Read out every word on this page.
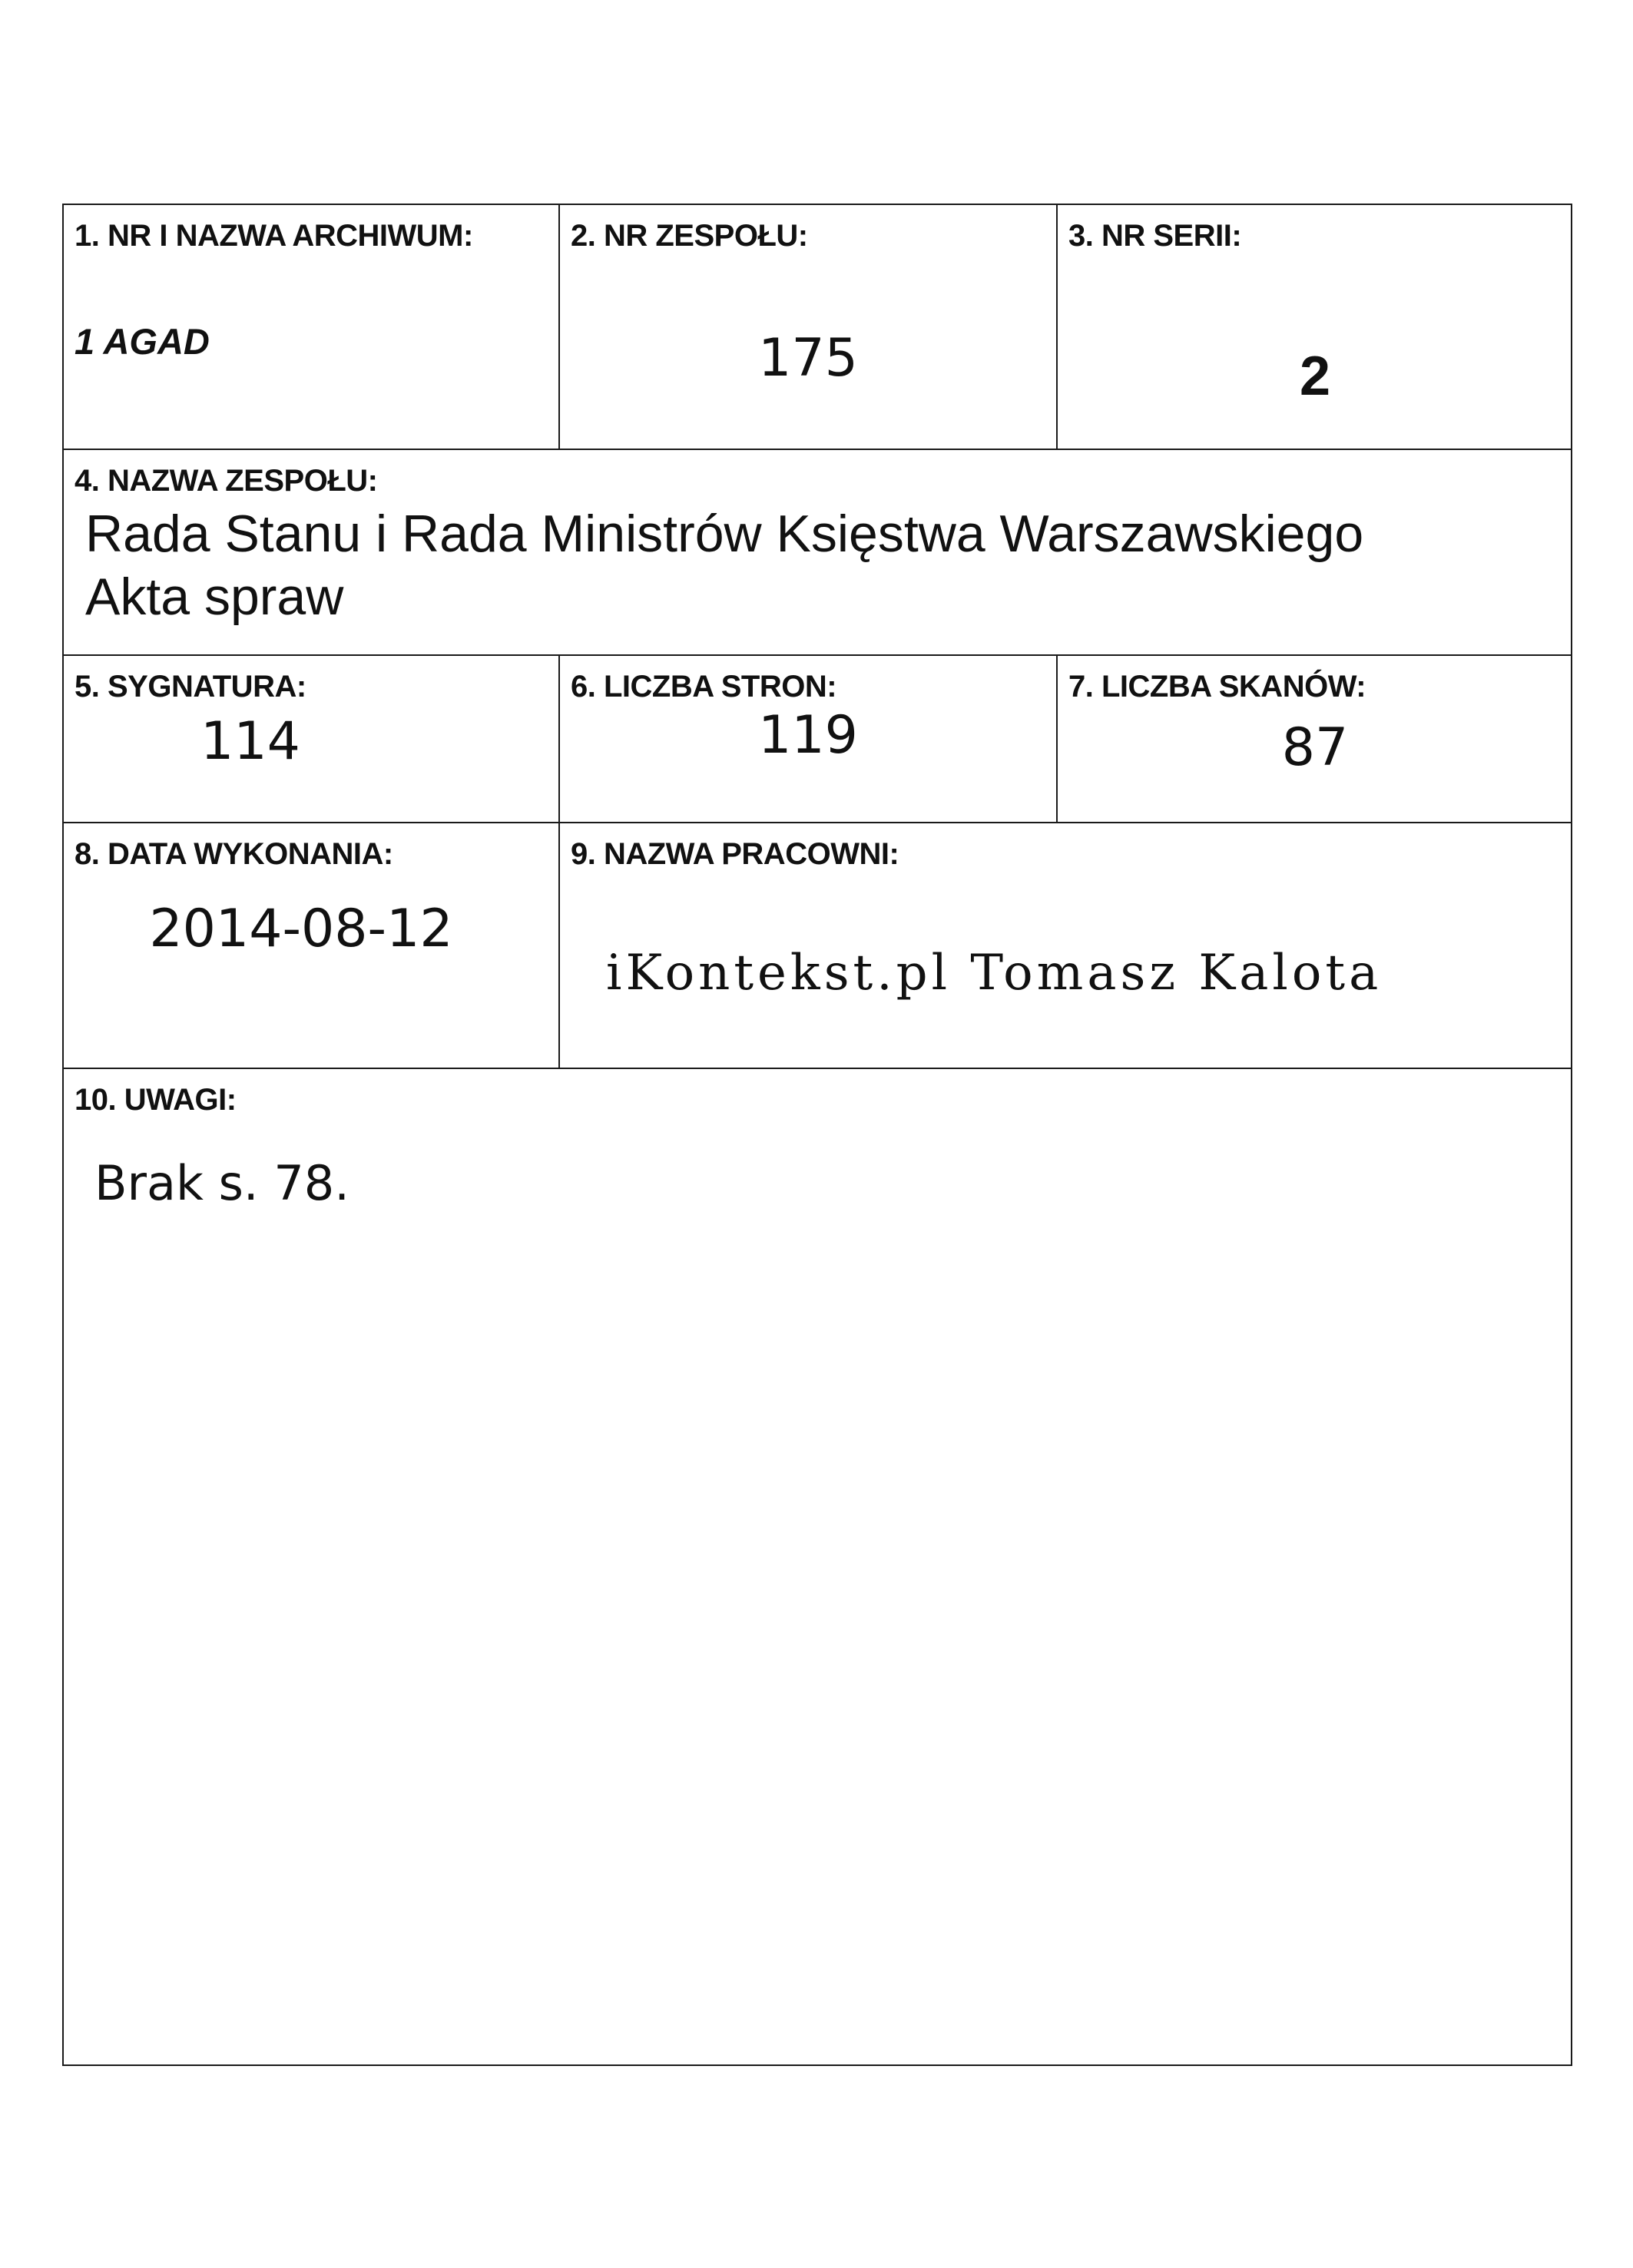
1. NR I NAZWA ARCHIWUM:
1 AGAD
2. NR ZESPOŁU:
175
3. NR SERII:
2
4. NAZWA ZESPOŁU:
Rada Stanu i Rada Ministrów Księstwa Warszawskiego
Akta spraw
5. SYGNATURA:
114
6. LICZBA STRON:
119
7. LICZBA SKANÓW:
87
8. DATA WYKONANIA:
2014-08-12
9. NAZWA PRACOWNI:
iKontekst.pl Tomasz Kalota
10. UWAGI:
Brak s. 78.
